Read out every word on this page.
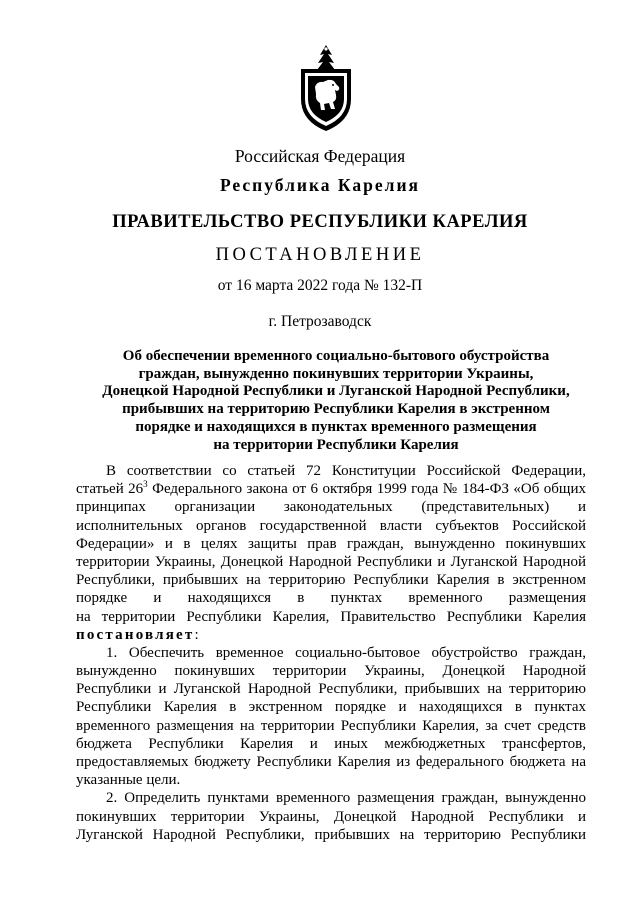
Российская Федерация
Республика Карелия
ПРАВИТЕЛЬСТВО РЕСПУБЛИКИ КАРЕЛИЯ
ПОСТАНОВЛЕНИЕ
от 16 марта 2022 года № 132-П
г. Петрозаводск
Об обеспечении временного социально-бытового обустройства
граждан, вынужденно покинувших территории Украины,
Донецкой Народной Республики и Луганской Народной Республики,
прибывших на территорию Республики Карелия в экстренном
порядке и находящихся в пунктах временного размещения
на территории Республики Карелия
В соответствии со статьей 72 Конституции Российской Федерации,
статьей $26^3$ Федерального закона от 6 октября 1999 года № 184-ФЗ «Об общих
принципах организации законодательных (представительных) и
исполнительных органов государственной власти субъектов Российской
Федерации» и в целях защиты прав граждан, вынужденно покинувших
территории Украины, Донецкой Народной Республики и Луганской Народной
Республики, прибывших на территорию Республики Карелия в экстренном
порядке и находящихся в пунктах временного размещения
на территории Республики Карелия, Правительство Республики Карелия
постановляет:
1. Обеспечить временное социально-бытовое обустройство граждан,
вынужденно покинувших территории Украины, Донецкой Народной
Республики и Луганской Народной Республики, прибывших на территорию
Республики Карелия в экстренном порядке и находящихся в пунктах
временного размещения на территории Республики Карелия, за счет средств
бюджета Республики Карелия и иных межбюджетных трансфертов,
предоставляемых бюджету Республики Карелия из федерального бюджета на
указанные цели.
2. Определить пунктами временного размещения граждан, вынужденно
покинувших территории Украины, Донецкой Народной Республики и
Луганской Народной Республики, прибывших на территорию Республики
